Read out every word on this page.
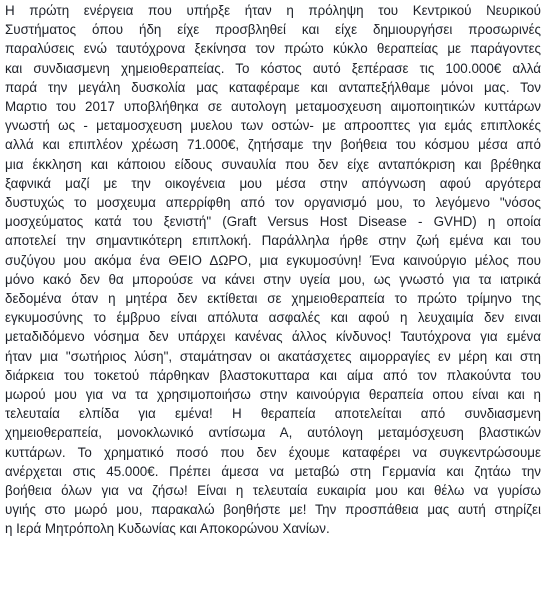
Η πρώτη ενέργεια που υπήρξε ήταν η πρόληψη του Κεντρικού Νευρικού
Συστήματος όπου ήδη είχε προσβληθεί και είχε δημιουργήσει προσωρινές
παραλύσεις ενώ ταυτόχρονα ξεκίνησα τον πρώτο κύκλο θεραπείας με παράγοντες
και συνδιασμενη χημειοθεραπείας. Το κόστος αυτό ξεπέρασε τις 100.000€ αλλά
παρά την μεγάλη δυσκολία μας καταφέραμε και ανταπεξήλθαμε μόνοι μας. Τον
Μαρτιο του 2017 υποβλήθηκα σε αυτολογη μεταμοσχευση αιμοποιητικών κυττάρων
γνωστή ως - μεταμοσχευση μυελου των οστών- με απροοπτες για εμάς επιπλοκές
αλλά και επιπλέον χρέωση 71.000€, ζητήσαμε την βοήθεια του κόσμου μέσα από
μια έκκληση και κάποιου είδους συναυλία που δεν είχε ανταπόκριση και βρέθηκα
ξαφνικά μαζί με την οικογένεια μου μέσα στην απόγνωση αφού αργότερα
δυστυχώς το μοσχευμα απερρίφθη από τον οργανισμό μου, το λεγόμενο "νόσος
μοσχεύματος κατά του ξενιστή" (Graft Versus Host Disease - GVHD) η οποία
αποτελεί την σημαντικότερη επιπλοκή. Παράλληλα ήρθε στην ζωή εμένα και του
συζύγου μου ακόμα ένα ΘΕΙΟ ΔΩΡΟ, μια εγκυμοσύνη! Ένα καινούργιο μέλος που
μόνο κακό δεν θα μπορούσε να κάνει στην υγεία μου, ως γνωστό για τα ιατρικά
δεδομένα όταν η μητέρα δεν εκτίθεται σε χημειοθεραπεία το πρώτο τρίμηνο της
εγκυμοσύνης το έμβρυο είναι απόλυτα ασφαλές και αφού η λευχαιμία δεν ειναι
μεταδιδόμενο νόσημα δεν υπάρχει κανένας άλλος κίνδυνος! Ταυτόχρονα για εμένα
ήταν μια "σωτήριος λύση", σταμάτησαν οι ακατάσχετες αιμορραγίες εν μέρη και στη
διάρκεια του τοκετού πάρθηκαν βλαστοκυτταρα και αίμα από τον πλακούντα του
μωρού μου για να τα χρησιμοποιήσω στην καινούργια θεραπεία οπου είναι και η
τελευταία ελπίδα για εμένα! Η θεραπεία αποτελείται από συνδιασμενη
χημειοθεραπεία, μονοκλωνικό αντίσωμα Α, αυτόλογη μεταμόσχευση βλαστικών
κυττάρων. Το χρηματικό ποσό που δεν έχουμε καταφέρει να συγκεντρώσουμε
ανέρχεται στις 45.000€. Πρέπει άμεσα να μεταβώ στη Γερμανία και ζητάω την
βοήθεια όλων για να ζήσω! Είναι η τελευταία ευκαιρία μου και θέλω να γυρίσω
υγιής στο μωρό μου, παρακαλώ βοηθήστε με! Την προσπάθεια μας αυτή στηρίζει
η Ιερά Μητρόπολη Κυδωνίας και Αποκορώνου Χανίων.
